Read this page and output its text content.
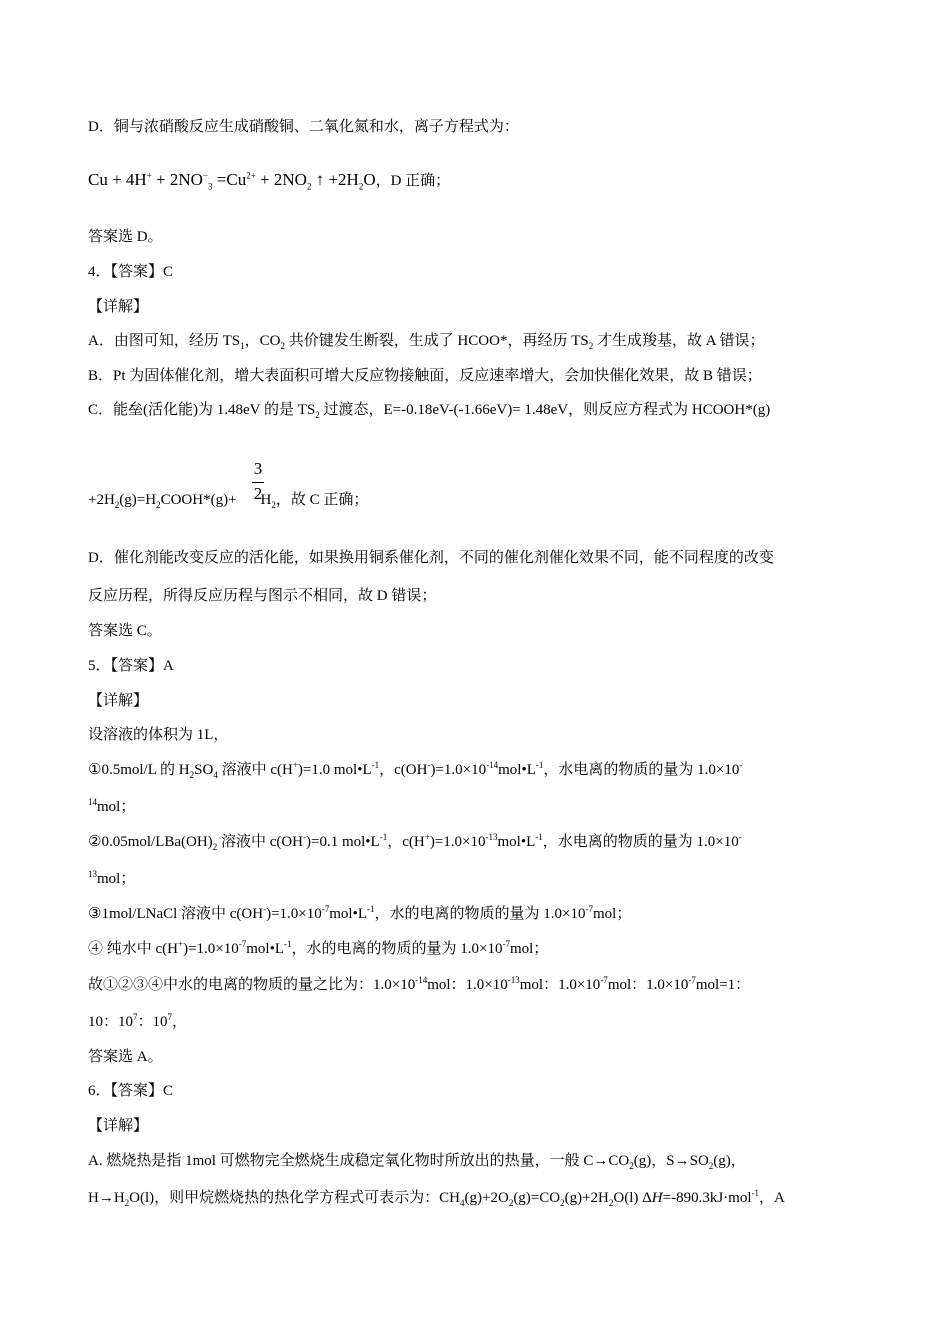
D．铜与浓硝酸反应生成硝酸铜、二氧化氮和水，离子方程式为：
$Cu + 4H^+ + 2NO^-_3 =Cu^{2+} + 2NO_2$ ↑ $+2H_2O$，D 正确；
答案选 D。
4．【答案】C
【详解】
A．由图可知，经历 $TS_1$，$CO_2$ 共价键发生断裂，生成了 HCOO*，再经历 $TS_2$ 才生成羧基，故 A 错误；
B．Pt 为固体催化剂，增大表面积可增大反应物接触面，反应速率增大，会加快催化效果，故 B 错误；
C．能垒(活化能)为 1.48eV 的是 $TS_2$ 过渡态，E=-0.18eV-(-1.66eV)= 1.48eV，则反应方程式为 HCOOH*(g)
3
2
$+2H_2(g)=H_2COOH*(g)+ H_2$，故 C 正确；
D．催化剂能改变反应的活化能，如果换用铜系催化剂，不同的催化剂催化效果不同，能不同程度的改变
反应历程，所得反应历程与图示不相同，故 D 错误；
答案选 C。
5．【答案】A
【详解】
设溶液的体积为 1L，
①0.5mol/L 的 $H_2SO_4$ 溶液中 c(H+)=1.0 $mol•L^{-1}$，$c(OH^-)=1.0\times 10^{-14}mol•L^{-1}$，水电离的物质的量为 1.0×10-
$^{14}$mol；
$②0.05mol/LBa(OH)_2$ 溶液中 c(OH-)=0.1 $mol•L^{-1}$，$c(H^+)=1.0\times 10^{-13}mol•L^{-1}$，水电离的物质的量为 1.0×10-
$^{13}$mol；
③1mol/LNaCl 溶液中 $c(OH^-)=1.0\times 10^{-7}mol•L^{-1}$，水的电离的物质的量为 $1.0\times 10^{-7}mol$；
④ 纯水中 $c(H^+)=1.0\times 10^{-7}mol•L^{-1}$，水的电离的物质的量为 $1.0\times 10^{-7}mol$；
故①②③④中水的电离的物质的量之比为：$1.0\times 10^{-14}mol$：$1.0\times 10^{-13}mol$：$1.0\times 10^{-7}mol$：$1.0\times 10^{-7}mol=1$：
10：$10^7$：$10^7$，
答案选 A。
6．【答案】C
【详解】
A. 燃烧热是指 1mol 可燃物完全燃烧生成稳定氧化物时所放出的热量，一般 $C\to CO_2(g)$，$S\to SO_2(g)$，
$H\to H_2O(l)$，则甲烷燃烧热的热化学方程式可表示为：$CH_4(g)+2O_2(g)=CO_2(g)+2H_2O(l)$ ΔH=-890.3kJ·mol$^{-1}$，A
